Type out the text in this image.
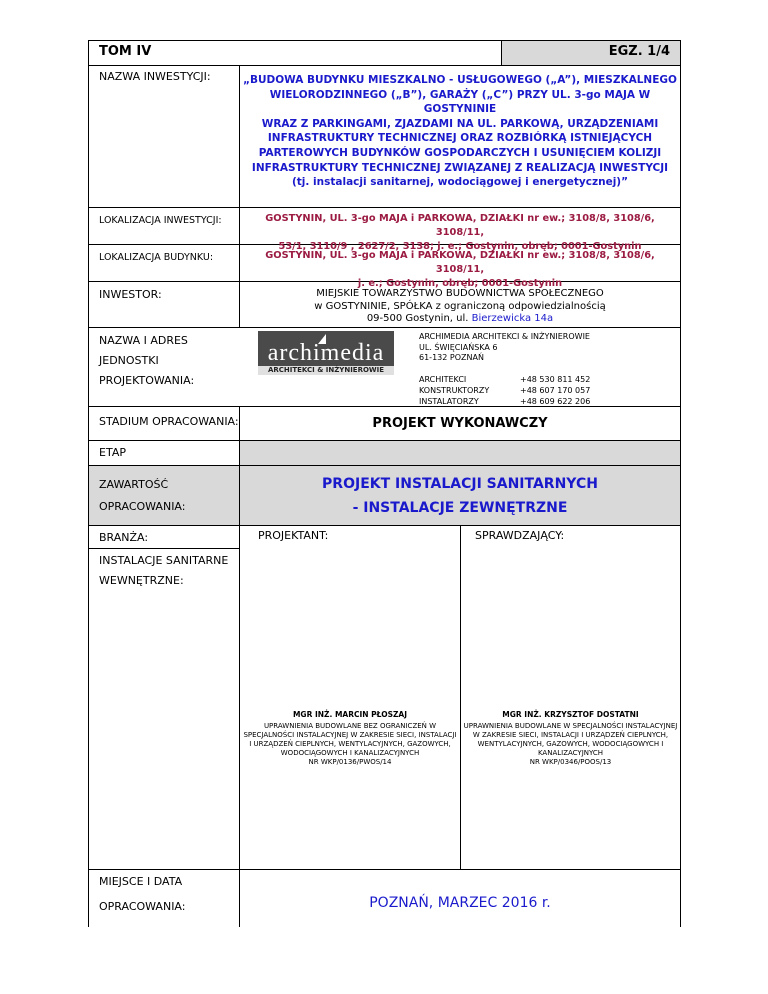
TOM IV	EGZ. 1/4
NAZWA INWESTYCJI:	„BUDOWA BUDYNKU MIESZKALNO - USŁUGOWEGO („A”), MIESZKALNEGO
WIELORODZINNEGO („B”), GARAŻY („C”) PRZY UL. 3-go MAJA W GOSTYNINIE
WRAZ Z PARKINGAMI, ZJAZDAMI NA UL. PARKOWĄ, URZĄDZENIAMI
INFRASTRUKTURY TECHNICZNEJ ORAZ ROZBIÓRKĄ ISTNIEJĄCYCH
PARTEROWYCH BUDYNKÓW GOSPODARCZYCH I USUNIĘCIEM KOLIZJI
INFRASTRUKTURY TECHNICZNEJ ZWIĄZANEJ Z REALIZACJĄ INWESTYCJI
(tj. instalacji sanitarnej, wodociągowej i energetycznej)”
LOKALIZACJA INWESTYCJI:	GOSTYNIN, UL. 3-go MAJA i PARKOWA, DZIAŁKI nr ew.; 3108/8, 3108/6, 3108/11,
53/1, 3110/9 , 2627/2, 3138; j. e.; Gostynin, obręb; 0001-Gostynin
LOKALIZACJA BUDYNKU:	GOSTYNIN, UL. 3-go MAJA i PARKOWA, DZIAŁKI nr ew.; 3108/8, 3108/6, 3108/11,
j. e.; Gostynin, obręb; 0001-Gostynin
INWESTOR:	MIEJSKIE TOWARZYSTWO BUDOWNICTWA SPOŁECZNEGO
w GOSTYNINIE, SPÓŁKA z ograniczoną odpowiedzialnością
09-500 Gostynin, ul. Bierzewicka 14a
NAZWA I ADRES
JEDNOSTKI
PROJEKTOWANIA:
archimedia
ARCHITEKCI & INŻYNIEROWIE
ARCHIMEDIA ARCHITEKCI & INŻYNIEROWIE
UL. ŚWIĘCIAŃSKA 6
61-132 POZNAŃ
ARCHITEKCI	+48 530 811 452
KONSTRUKTORZY	+48 607 170 057
INSTALATORZY	+48 609 622 206
STADIUM OPRACOWANIA:	PROJEKT WYKONAWCZY
ETAP
ZAWARTOŚĆ
OPRACOWANIA:
PROJEKT INSTALACJI SANITARNYCH
- INSTALACJE ZEWNĘTRZNE
BRANŻA:
INSTALACJE SANITARNE
WEWNĘTRZNE:
PROJEKTANT:
MGR INŻ. MARCIN PŁOSZAJ
UPRAWNIENIA BUDOWLANE BEZ OGRANICZEŃ W
SPECJALNOŚCI INSTALACYJNEJ W ZAKRESIE SIECI, INSTALACJI
I URZĄDZEŃ CIEPLNYCH, WENTYLACYJNYCH, GAZOWYCH,
WODOCIĄGOWYCH I KANALIZACYJNYCH
NR WKP/0136/PWOS/14
SPRAWDZAJĄCY:
MGR INŻ. KRZYSZTOF DOSTATNI
UPRAWNIENIA BUDOWLANE W SPECJALNOŚCI INSTALACYJNEJ
W ZAKRESIE SIECI, INSTALACJI I URZĄDZEŃ CIEPLNYCH,
WENTYLACYJNYCH, GAZOWYCH, WODOCIĄGOWYCH I
KANALIZACYJNYCH
NR WKP/0346/POOS/13
MIEJSCE I DATA
OPRACOWANIA:	POZNAŃ, MARZEC 2016 r.
